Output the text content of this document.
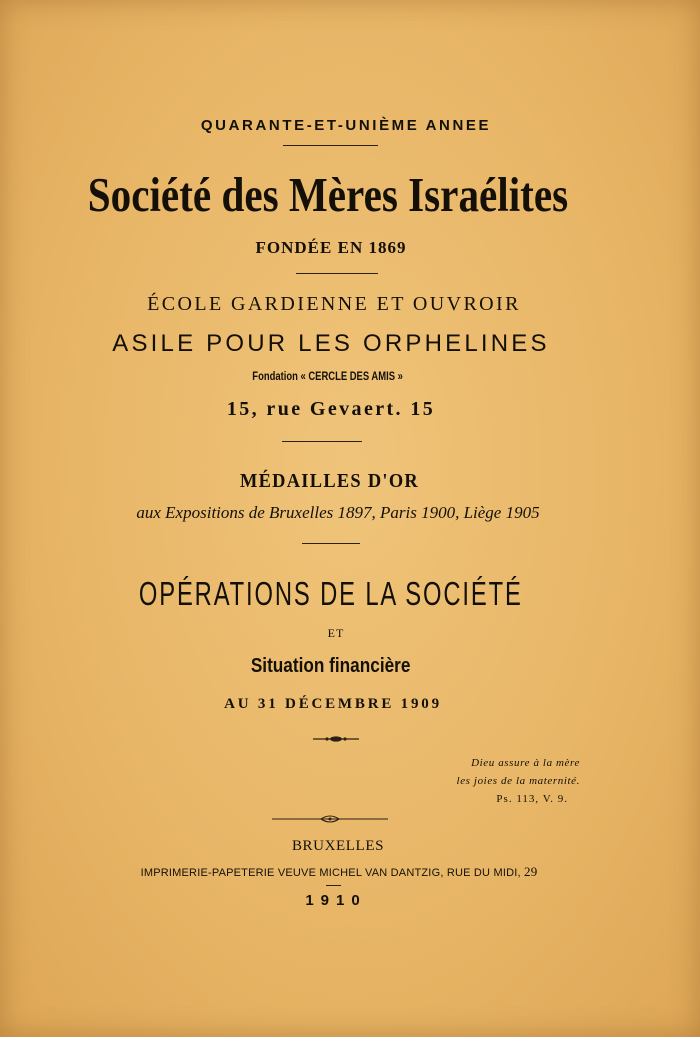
QUARANTE-ET-UNIÈME ANNEE
Société des Mères Israélites
FONDÉE EN 1869
ÉCOLE GARDIENNE ET OUVROIR
ASILE POUR LES ORPHELINES
Fondation « CERCLE DES AMIS »
15, rue Gevaert. 15
MÉDAILLES D'OR
aux Expositions de Bruxelles 1897, Paris 1900, Liège 1905
OPÉRATIONS DE LA SOCIÉTÉ
ET
Situation financière
AU 31 DÉCEMBRE 1909
Dieu assure à la mère
les joies de la maternité.
Ps. 113, V. 9.
BRUXELLES
IMPRIMERIE-PAPETERIE VEUVE MICHEL VAN DANTZIG, RUE DU MIDI, 29
1910
